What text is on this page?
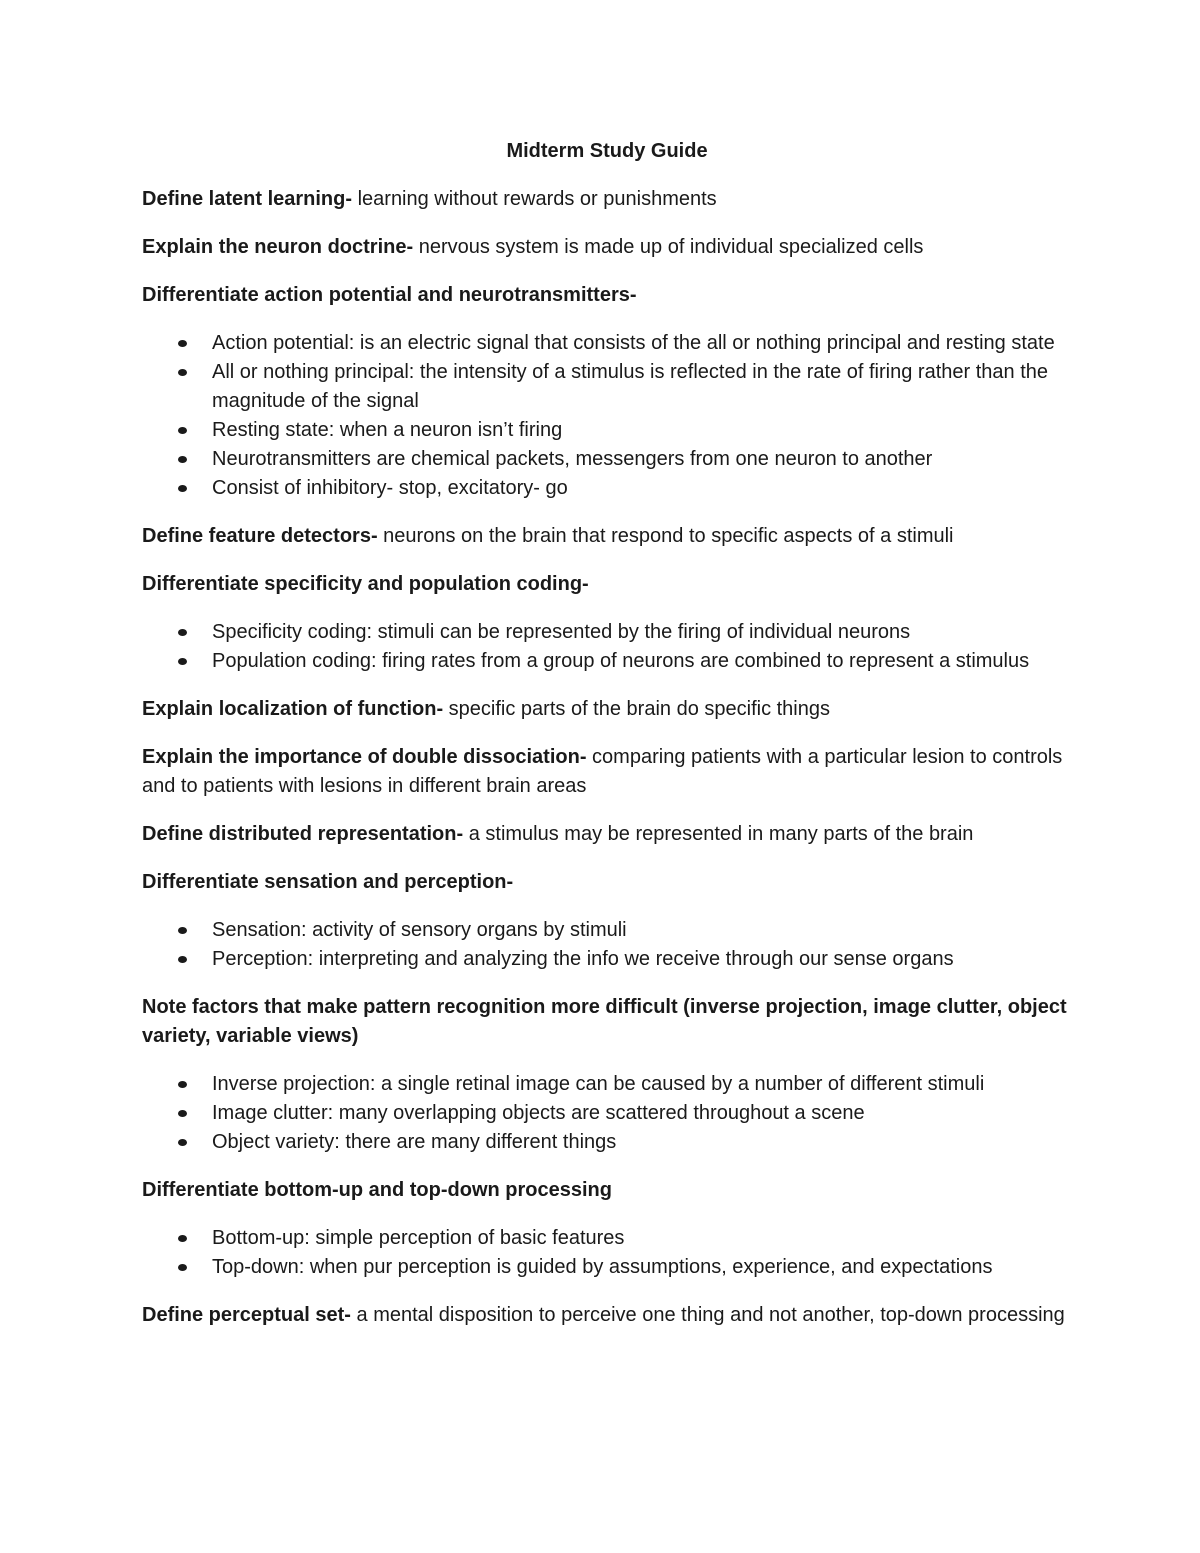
Midterm Study Guide
Define latent learning- learning without rewards or punishments
Explain the neuron doctrine- nervous system is made up of individual specialized cells
Differentiate action potential and neurotransmitters-
Action potential: is an electric signal that consists of the all or nothing principal and resting state
All or nothing principal: the intensity of a stimulus is reflected in the rate of firing rather than the magnitude of the signal
Resting state: when a neuron isn’t firing
Neurotransmitters are chemical packets, messengers from one neuron to another
Consist of inhibitory- stop, excitatory- go
Define feature detectors- neurons on the brain that respond to specific aspects of a stimuli
Differentiate specificity and population coding-
Specificity coding: stimuli can be represented by the firing of individual neurons
Population coding: firing rates from a group of neurons are combined to represent a stimulus
Explain localization of function- specific parts of the brain do specific things
Explain the importance of double dissociation- comparing patients with a particular lesion to controls and to patients with lesions in different brain areas
Define distributed representation- a stimulus may be represented in many parts of the brain
Differentiate sensation and perception-
Sensation: activity of sensory organs by stimuli
Perception: interpreting and analyzing the info we receive through our sense organs
Note factors that make pattern recognition more difficult (inverse projection, image clutter, object variety, variable views)
Inverse projection: a single retinal image can be caused by a number of different stimuli
Image clutter: many overlapping objects are scattered throughout a scene
Object variety: there are many different things
Differentiate bottom-up and top-down processing
Bottom-up: simple perception of basic features
Top-down: when pur perception is guided by assumptions, experience, and expectations
Define perceptual set- a mental disposition to perceive one thing and not another, top-down processing
